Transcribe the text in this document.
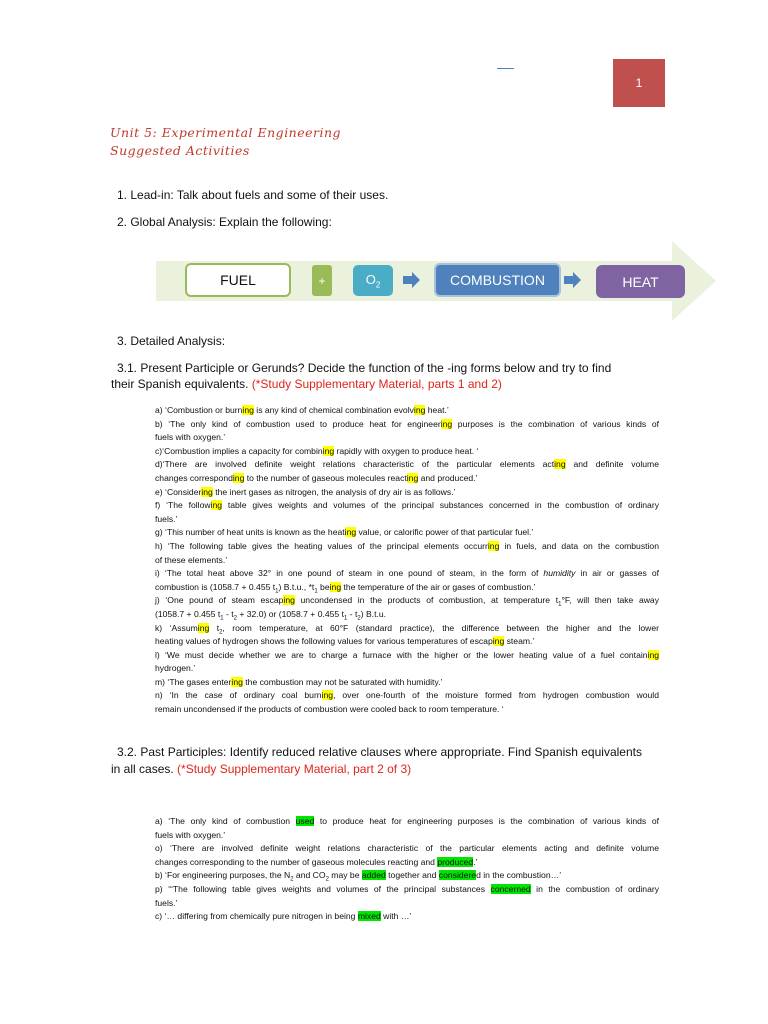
1
Unit 5: Experimental Engineering
Suggested Activities
1. Lead-in: Talk about fuels and some of their uses.
2. Global Analysis: Explain the following:
FUEL	+	$O_2$	COMBUSTION	HEAT
3. Detailed Analysis:
3.1. Present Participle or Gerunds? Decide the function of the -ing forms below and try to find
their Spanish equivalents. (*Study Supplementary Material, parts 1 and 2)
a) ‘Combustion or burning is any kind of chemical combination evolving heat.’
b) ‘The only kind of combustion used to produce heat for engineering purposes is the combination of various kinds of
fuels with oxygen.’
c)‘Combustion implies a capacity for combining rapidly with oxygen to produce heat. ‘
d)‘There are involved definite weight relations characteristic of the particular elements acting and definite volume
changes corresponding to the number of gaseous molecules reacting and produced.’
e) ‘Considering the inert gases as nitrogen, the analysis of dry air is as follows.’
f) ‘The following table gives weights and volumes of the principal substances concerned in the combustion of ordinary
fuels.’
g) ‘This number of heat units is known as the heating value, or calorific power of that particular fuel.’
h) ‘The following table gives the heating values of the principal elements occurring in fuels, and data on the combustion
of these elements.’
i) ‘The total heat above 32° in one pound of steam in one pound of steam, in the form of humidity in air or gasses of
combustion is (1058.7 + 0.455 $t_1$) B.t.u., $*t_1$ being the temperature of the air or gases of combustion.’
j) ‘One pound of steam escaping uncondensed in the products of combustion, at temperature $t_1^\circ F$, will then take away
(1058.7 + 0.455 $t_1 - t_2 + 32.0$) or (1058.7 + 0.455 $t_1 - t_2$) B.t.u.
k) ‘Assuming $t_2$, room temperature, at 60°F (standard practice), the difference between the higher and the lower
heating values of hydrogen shows the following values for various temperatures of escaping steam.’
l) ‘We must decide whether we are to charge a furnace with the higher or the lower heating value of a fuel containing
hydrogen.’
m) ‘The gases entering the combustion may not be saturated with humidity.’
n) ‘In the case of ordinary coal burning, over one-fourth of the moisture formed from hydrogen combustion would
remain uncondensed if the products of combustion were cooled back to room temperature. ‘
3.2. Past Participles: Identify reduced relative clauses where appropriate. Find Spanish equivalents
in all cases. (*Study Supplementary Material, part 2 of 3)
a) ‘The only kind of combustion used to produce heat for engineering purposes is the combination of various kinds of
fuels with oxygen.’
o) ‘There are involved definite weight relations characteristic of the particular elements acting and definite volume
changes corresponding to the number of gaseous molecules reacting and produced.’
b) ‘For engineering purposes, the $N_2$ and $CO_2$ may be added together and considered in the combustion…’
p) ‘“The following table gives weights and volumes of the principal substances concerned in the combustion of ordinary
fuels.’
c) ‘… differing from chemically pure nitrogen in being mixed with …’
